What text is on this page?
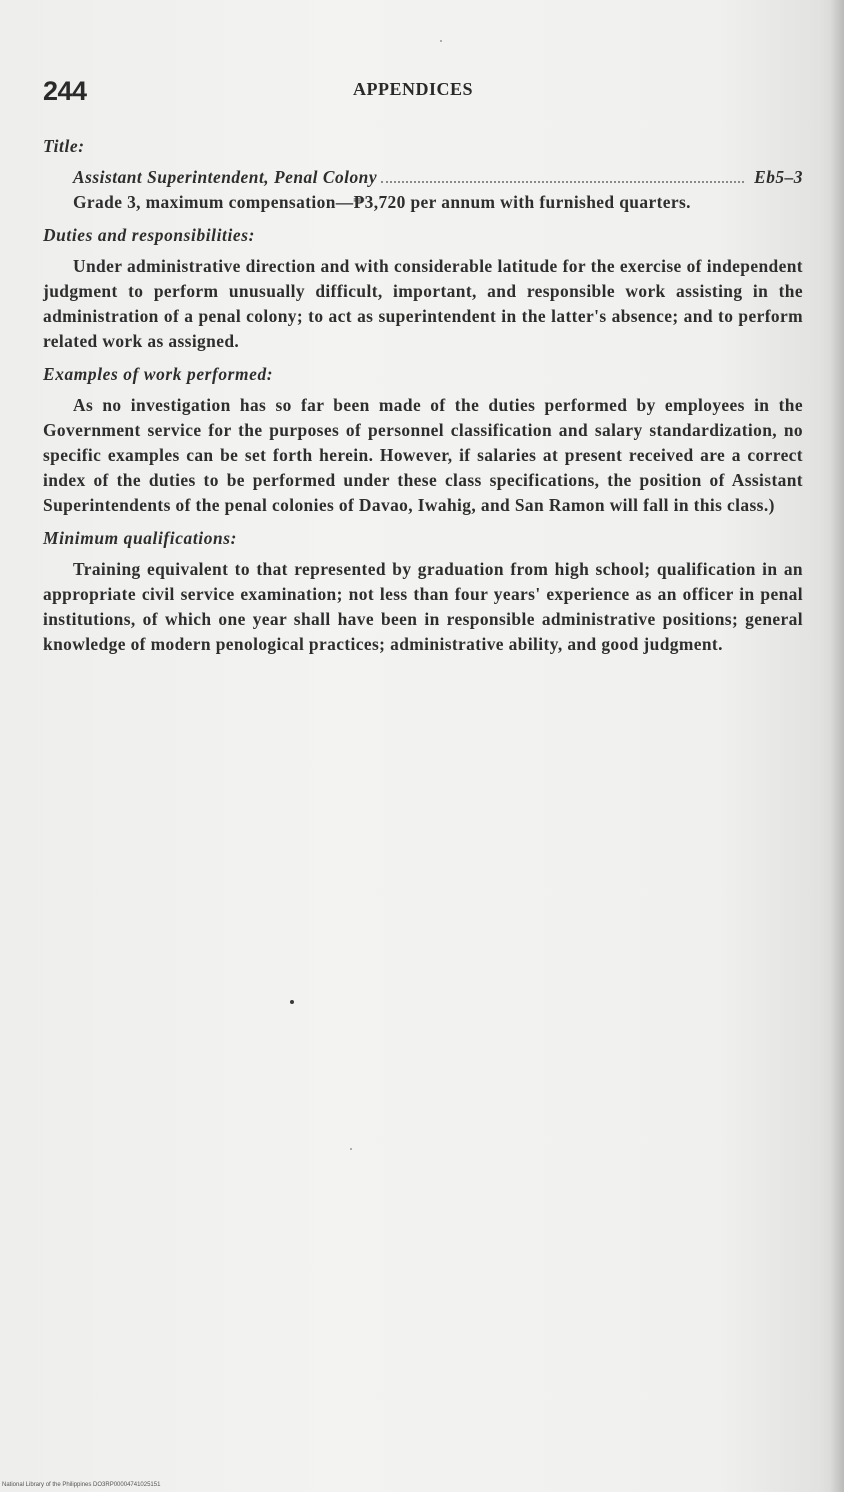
244	APPENDICES

Title:

Assistant Superintendent, Penal Colony	Eb5–3

Grade 3, maximum compensation—₱3,720 per annum with furnished quarters.

Duties and responsibilities:

Under administrative direction and with considerable latitude for the exercise of independent judgment to perform unusually difficult, important, and responsible work assisting in the administration of a penal colony; to act as superintendent in the latter's absence; and to perform related work as assigned.

Examples of work performed:

As no investigation has so far been made of the duties performed by employees in the Government service for the purposes of personnel classification and salary standardization, no specific examples can be set forth herein. However, if salaries at present received are a correct index of the duties to be performed under these class specifications, the position of Assistant Superintendents of the penal colonies of Davao, Iwahig, and San Ramon will fall in this class.)

Minimum qualifications:

Training equivalent to that represented by graduation from high school; qualification in an appropriate civil service examination; not less than four years' experience as an officer in penal institutions, of which one year shall have been in responsible administrative positions; general knowledge of modern penological practices; administrative ability, and good judgment.

National Library of the Philippines DO3RP00004741025151
